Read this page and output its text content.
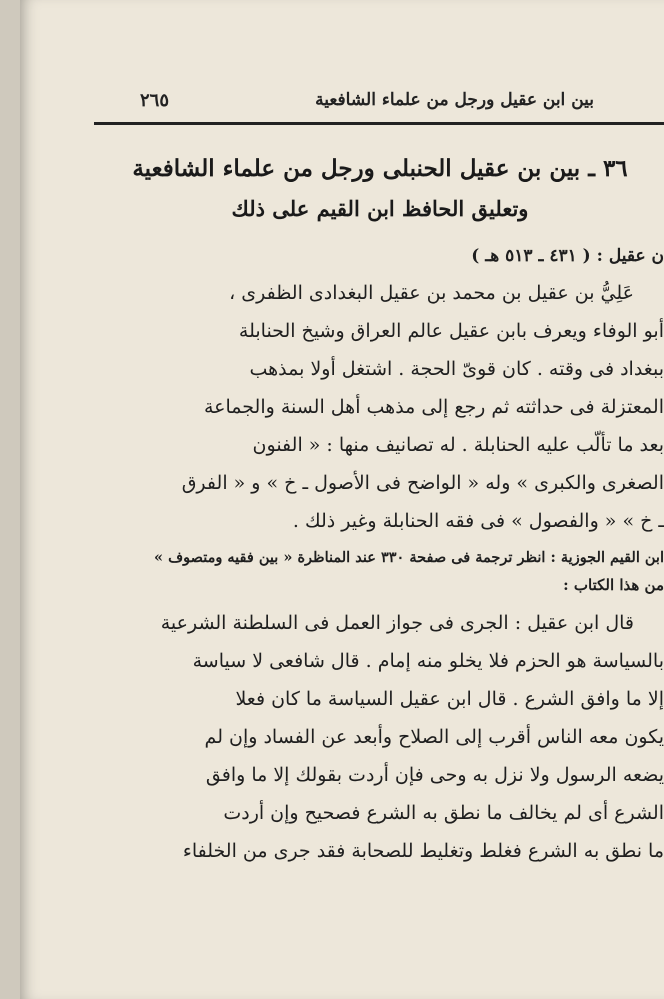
بين ابن عقيل ورجل من علماء الشافعية
٢٦٥
٣٦ ـ بين بن عقيل الحنبلى ورجل من علماء الشافعية
وتعليق الحافظ ابن القيم على ذلك
ن عقيل : ( ٤٣١ ـ ٥١٣ هـ )
عَلِيُّ بن عقيل بن محمد بن عقيل البغدادى الظفرى ،
أبو الوفاء ويعرف بابن عقيل عالم العراق وشيخ الحنابلة
ببغداد فى وقته . كان قوىّ الحجة . اشتغل أولا بمذهب
المعتزلة فى حداثته ثم رجع إلى مذهب أهل السنة والجماعة
بعد ما تألّب عليه الحنابلة . له تصانيف منها : « الفنون
الصغرى والكبرى » وله « الواضح فى الأصول ـ خ » و « الفرق
ـ خ » « والفصول » فى فقه الحنابلة وغير ذلك .
ابن القيم الجوزية : انظر ترجمة فى صفحة ٣٣٠ عند المناظرة « بين فقيه ومتصوف »
من هذا الكتاب :
قال ابن عقيل : الجرى فى جواز العمل فى السلطنة الشرعية
بالسياسة هو الحزم فلا يخلو منه إمام . قال شافعى لا سياسة
إلا ما وافق الشرع . قال ابن عقيل السياسة ما كان فعلا
يكون معه الناس أقرب إلى الصلاح وأبعد عن الفساد وإن لم
يضعه الرسول ولا نزل به وحى فإن أردت بقولك إلا ما وافق
الشرع أى لم يخالف ما نطق به الشرع فصحيح وإن أردت
ما نطق به الشرع فغلط وتغليط للصحابة فقد جرى من الخلفاء
